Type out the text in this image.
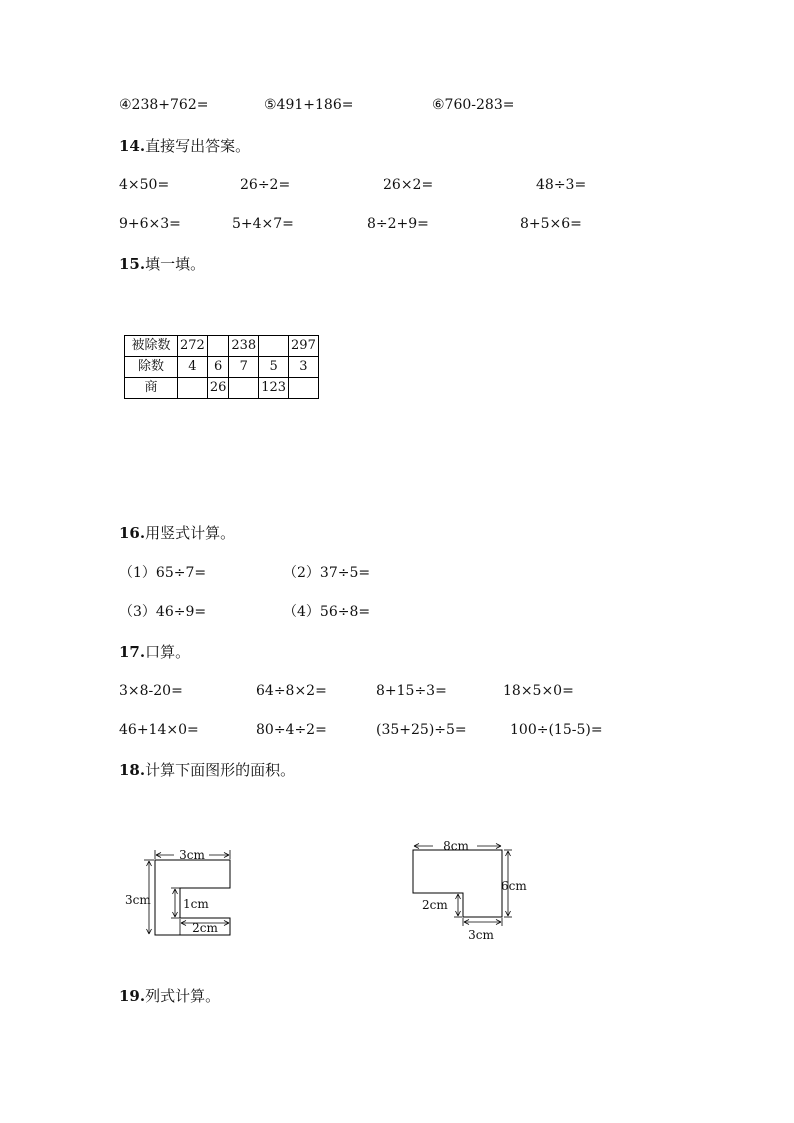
④238+762=	⑤491+186=	⑥760-283=
14.直接写出答案。
4×50=	26÷2=	26×2=	48÷3=
9+6×3=	5+4×7=	8÷2+9=	8+5×6=
15.填一填。
被除数	272		238		297
除数	4	6	7	5	3
商		26		123	
16.用竖式计算。
（1）65÷7=	（2）37÷5=
（3）46÷9=	（4）56÷8=
17.口算。
3×8-20=	64÷8×2=	8+15÷3=	18×5×0=
46+14×0=	80÷4÷2=	(35+25)÷5=	100÷(15-5)=
18.计算下面图形的面积。
3cm
3cm	1cm
2cm
8cm
6cm
2cm
3cm
19.列式计算。
